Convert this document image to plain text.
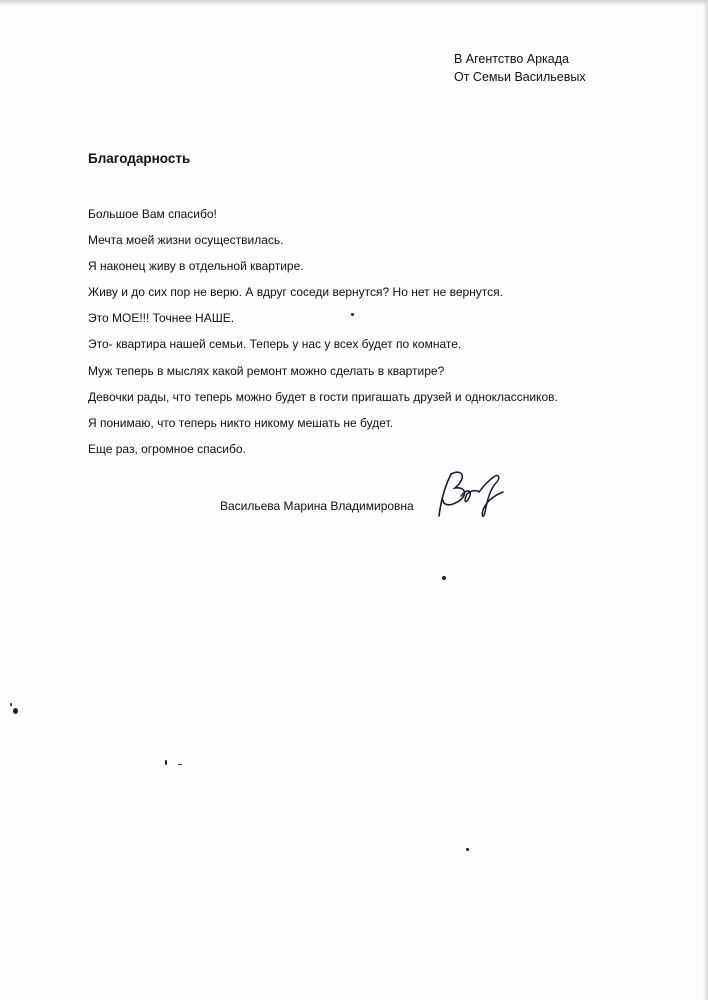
В Агентство Аркада
От Семьи Васильевых
Благодарность
Большое Вам спасибо!
Мечта моей жизни осуществилась.
Я наконец живу в отдельной квартире.
Живу и до сих пор не верю. А вдруг соседи вернутся? Но нет не вернутся.
Это МОЕ!!! Точнее НАШЕ.
Это- квартира нашей семьи. Теперь у нас у всех будет по комнате.
Муж теперь в мыслях какой ремонт можно сделать в квартире?
Девочки рады, что теперь можно будет в гости пригашать друзей и одноклассников.
Я понимаю, что теперь никто никому мешать не будет.
Еще раз, огромное спасибо.
Васильева Марина Владимировна
